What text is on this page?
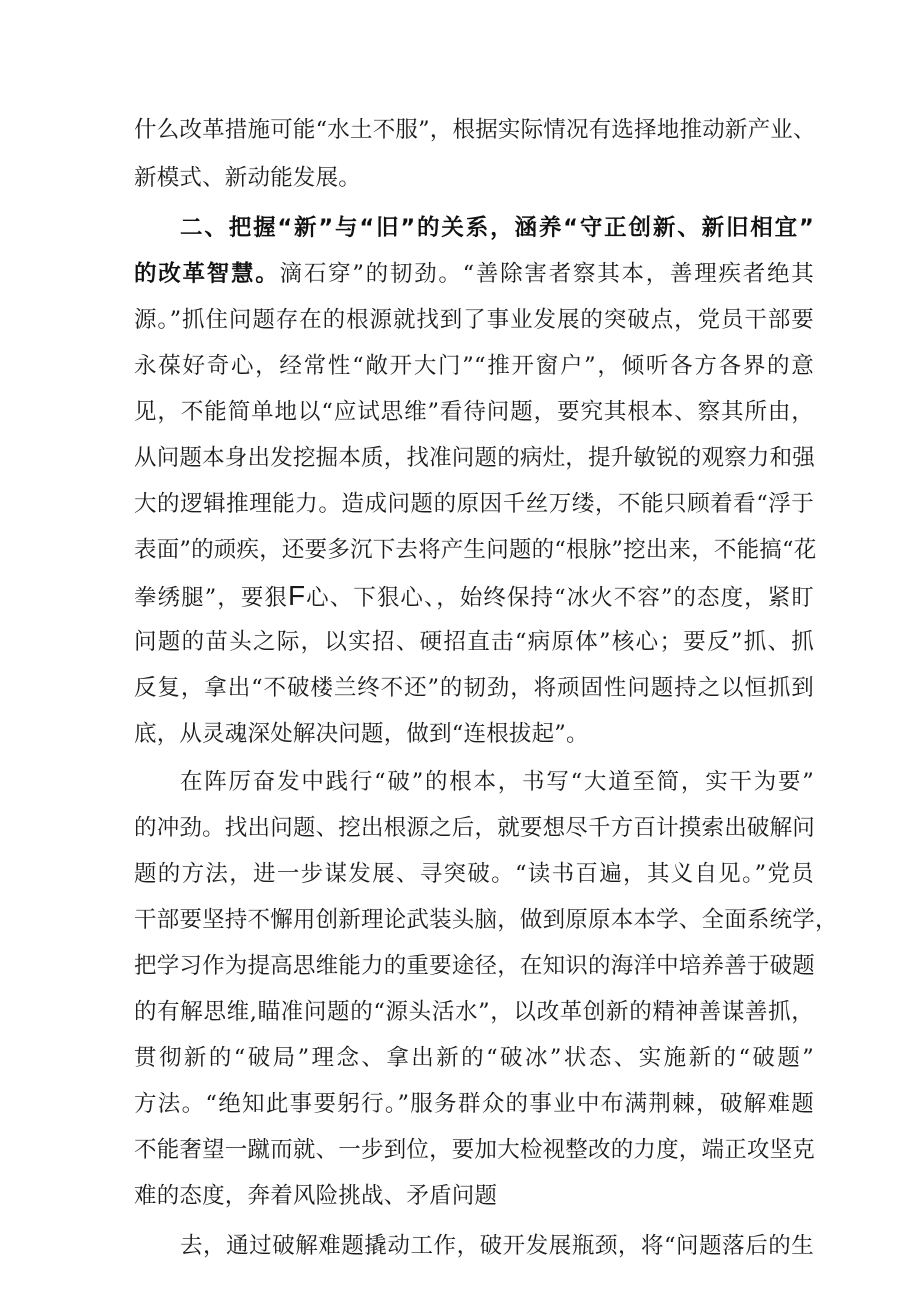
什么改革措施可能“水土不服”，根据实际情况有选择地推动新产业、
新模式、新动能发展。
二、把握“新”与“旧”的关系，涵养“守正创新、新旧相宜”
的改革智慧。滴石穿”的韧劲。“善除害者察其本，善理疾者绝其
源。”抓住问题存在的根源就找到了事业发展的突破点，党员干部要
永葆好奇心，经常性“敞开大门”“推开窗户”，倾听各方各界的意
见，不能简单地以“应试思维”看待问题，要究其根本、察其所由，
从问题本身出发挖掘本质，找准问题的病灶，提升敏锐的观察力和强
大的逻辑推理能力。造成问题的原因千丝万缕，不能只顾着看“浮于
表面”的顽疾，还要多沉下去将产生问题的“根脉”挖出来，不能搞“花
拳绣腿”，要狠F心、下狠心、，始终保持“冰火不容”的态度，紧盯
问题的苗头之际，以实招、硬招直击“病原体”核心；要反”抓、抓
反复，拿出“不破楼兰终不还”的韧劲，将顽固性问题持之以恒抓到
底，从灵魂深处解决问题，做到“连根拔起”。
在阵厉奋发中践行“破”的根本，书写“大道至简，实干为要”
的冲劲。找出问题、挖出根源之后，就要想尽千方百计摸索出破解问
题的方法，进一步谋发展、寻突破。“读书百遍，其义自见。”党员
干部要坚持不懈用创新理论武装头脑，做到原原本本学、全面系统学，
把学习作为提高思维能力的重要途径，在知识的海洋中培养善于破题
的有解思维,瞄准问题的“源头活水”，以改革创新的精神善谋善抓，
贯彻新的“破局”理念、拿出新的“破冰”状态、实施新的“破题”
方法。“绝知此事要躬行。”服务群众的事业中布满荆棘，破解难题
不能奢望一蹴而就、一步到位，要加大检视整改的力度，端正攻坚克
难的态度，奔着风险挑战、矛盾问题
去，通过破解难题撬动工作，破开发展瓶颈，将“问题落后的生
